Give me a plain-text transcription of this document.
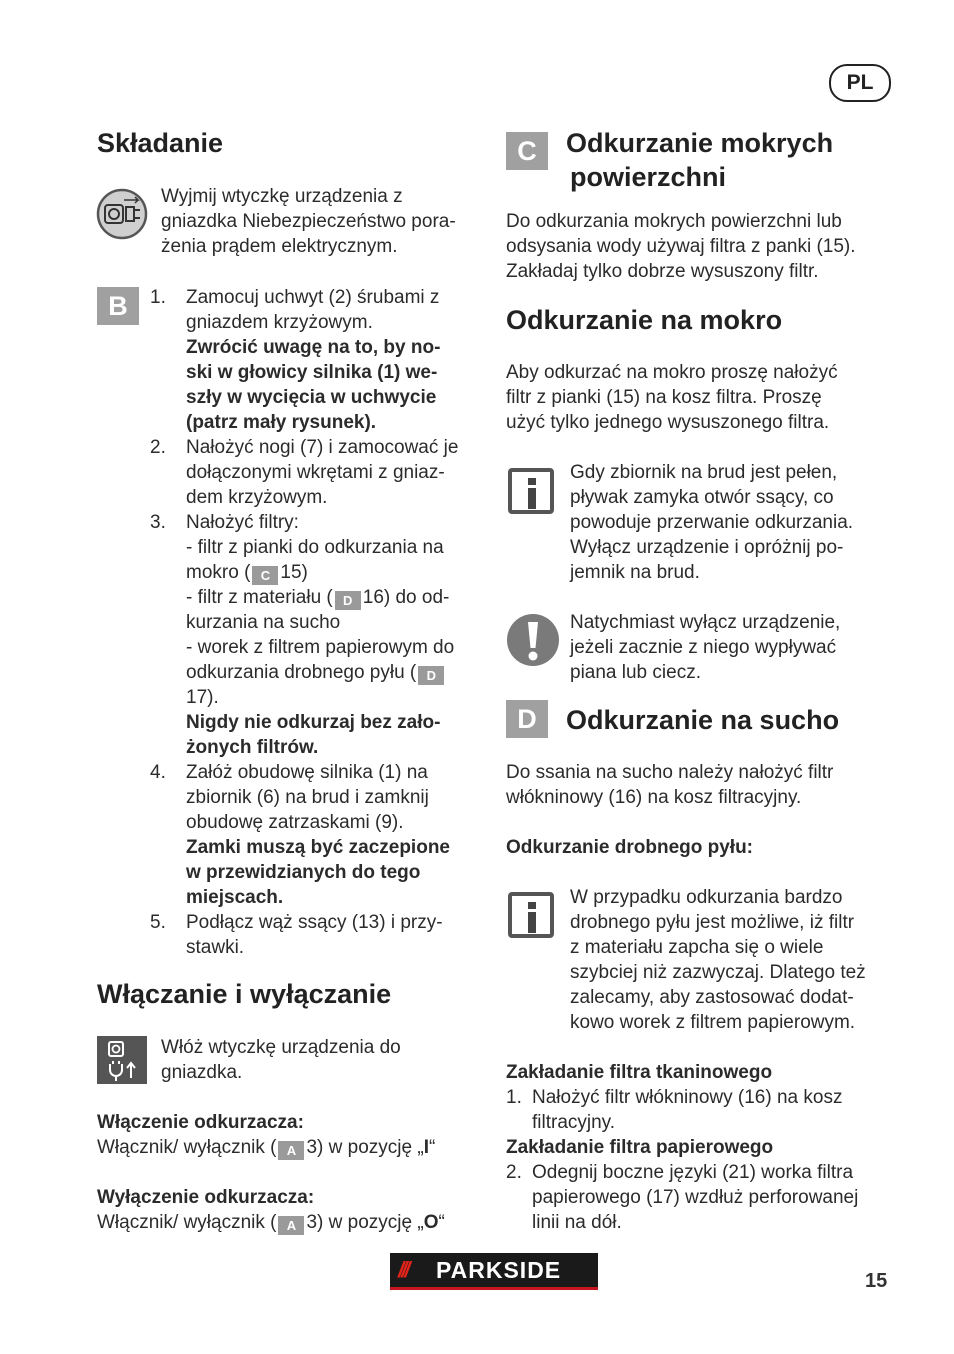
PL
Składanie
Wyjmij wtyczkę urządzenia z
gniazdka Niebezpieczeństwo pora-
żenia prądem elektrycznym.
B	1.	Zamocuj uchwyt (2) śrubami z
gniazdem krzyżowym.
Zwrócić uwagę na to, by no-
ski w głowicy silnika (1) we-
szły w wycięcia w uchwycie
(patrz mały rysunek).
2.	Nałożyć nogi (7) i zamocować je
dołączonymi wkrętami z gniaz-
dem krzyżowym.
3.	Nałożyć filtry:
- filtr z pianki do odkurzania na
mokro ( C 15)
- filtr z materiału ( D 16) do od-
kurzania na sucho
- worek z filtrem papierowym do
odkurzania drobnego pyłu ( D
17).
Nigdy nie odkurzaj bez zało-
żonych filtrów.
4.	Załóż obudowę silnika (1) na
zbiornik (6) na brud i zamknij
obudowę zatrzaskami (9).
Zamki muszą być zaczepione
w przewidzianych do tego
miejscach.
5.	Podłącz wąż ssący (13) i przy-
stawki.
Włączanie i wyłączanie
Włóż wtyczkę urządzenia do
gniazdka.
Włączenie odkurzacza:
Włącznik/ wyłącznik ( A 3) w pozycję „I“
Wyłączenie odkurzacza:
Włącznik/ wyłącznik ( A 3) w pozycję „O“
C	Odkurzanie mokrych
powierzchni
Do odkurzania mokrych powierzchni lub
odsysania wody używaj filtra z panki (15).
Zakładaj tylko dobrze wysuszony filtr.
Odkurzanie na mokro
Aby odkurzać na mokro proszę nałożyć
filtr z pianki (15) na kosz filtra. Proszę
użyć tylko jednego wysuszonego filtra.
Gdy zbiornik na brud jest pełen,
pływak zamyka otwór ssący, co
powoduje przerwanie odkurzania.
Wyłącz urządzenie i opróżnij po-
jemnik na brud.
Natychmiast wyłącz urządzenie,
jeżeli zacznie z niego wypływać
piana lub ciecz.
D	Odkurzanie na sucho
Do ssania na sucho należy nałożyć filtr
włókninowy (16) na kosz filtracyjny.
Odkurzanie drobnego pyłu:
W przypadku odkurzania bardzo
drobnego pyłu jest możliwe, iż filtr
z materiału zapcha się o wiele
szybciej niż zazwyczaj. Dlatego też
zalecamy, aby zastosować dodat-
kowo worek z filtrem papierowym.
Zakładanie filtra tkaninowego
1. Nałożyć filtr włókninowy (16) na kosz
filtracyjny.
Zakładanie filtra papierowego
2. Odegnij boczne języki (21) worka filtra
papierowego (17) wzdłuż perforowanej
linii na dół.
/// PARKSIDE	15
